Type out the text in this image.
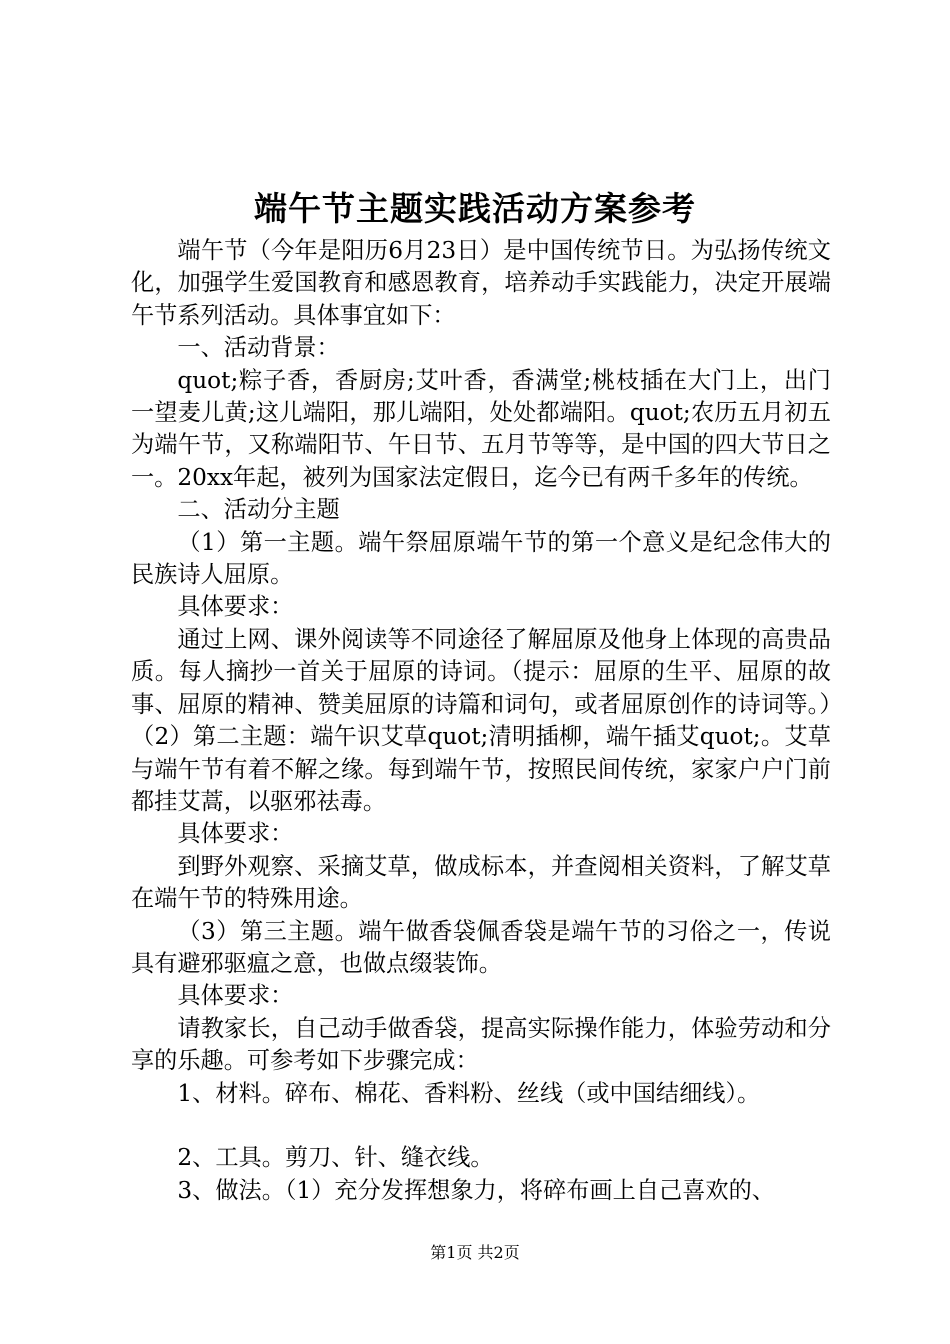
端午节主题实践活动方案参考

端午节（今年是阳历6月23日）是中国传统节日。为弘扬传统文化，加强学生爱国教育和感恩教育，培养动手实践能力，决定开展端午节系列活动。具体事宜如下：

一、活动背景：

quot;粽子香，香厨房;艾叶香，香满堂;桃枝插在大门上，出门一望麦儿黄;这儿端阳，那儿端阳，处处都端阳。quot;农历五月初五为端午节，又称端阳节、午日节、五月节等等，是中国的四大节日之一。20xx年起，被列为国家法定假日，迄今已有两千多年的传统。

二、活动分主题

（1）第一主题。端午祭屈原端午节的第一个意义是纪念伟大的民族诗人屈原。

具体要求：

通过上网、课外阅读等不同途径了解屈原及他身上体现的高贵品质。每人摘抄一首关于屈原的诗词。（提示：屈原的生平、屈原的故事、屈原的精神、赞美屈原的诗篇和词句，或者屈原创作的诗词等。）（2）第二主题：端午识艾草quot;清明插柳，端午插艾quot;。艾草与端午节有着不解之缘。每到端午节，按照民间传统，家家户户门前都挂艾蒿，以驱邪祛毒。

具体要求：

到野外观察、采摘艾草，做成标本，并查阅相关资料，了解艾草在端午节的特殊用途。

（3）第三主题。端午做香袋佩香袋是端午节的习俗之一，传说具有避邪驱瘟之意，也做点缀装饰。

具体要求：

请教家长，自己动手做香袋，提高实际操作能力，体验劳动和分享的乐趣。可参考如下步骤完成：

1、材料。碎布、棉花、香料粉、丝线（或中国结细线）。

2、工具。剪刀、针、缝衣线。

3、做法。（1）充分发挥想象力，将碎布画上自己喜欢的、

第1页 共2页
